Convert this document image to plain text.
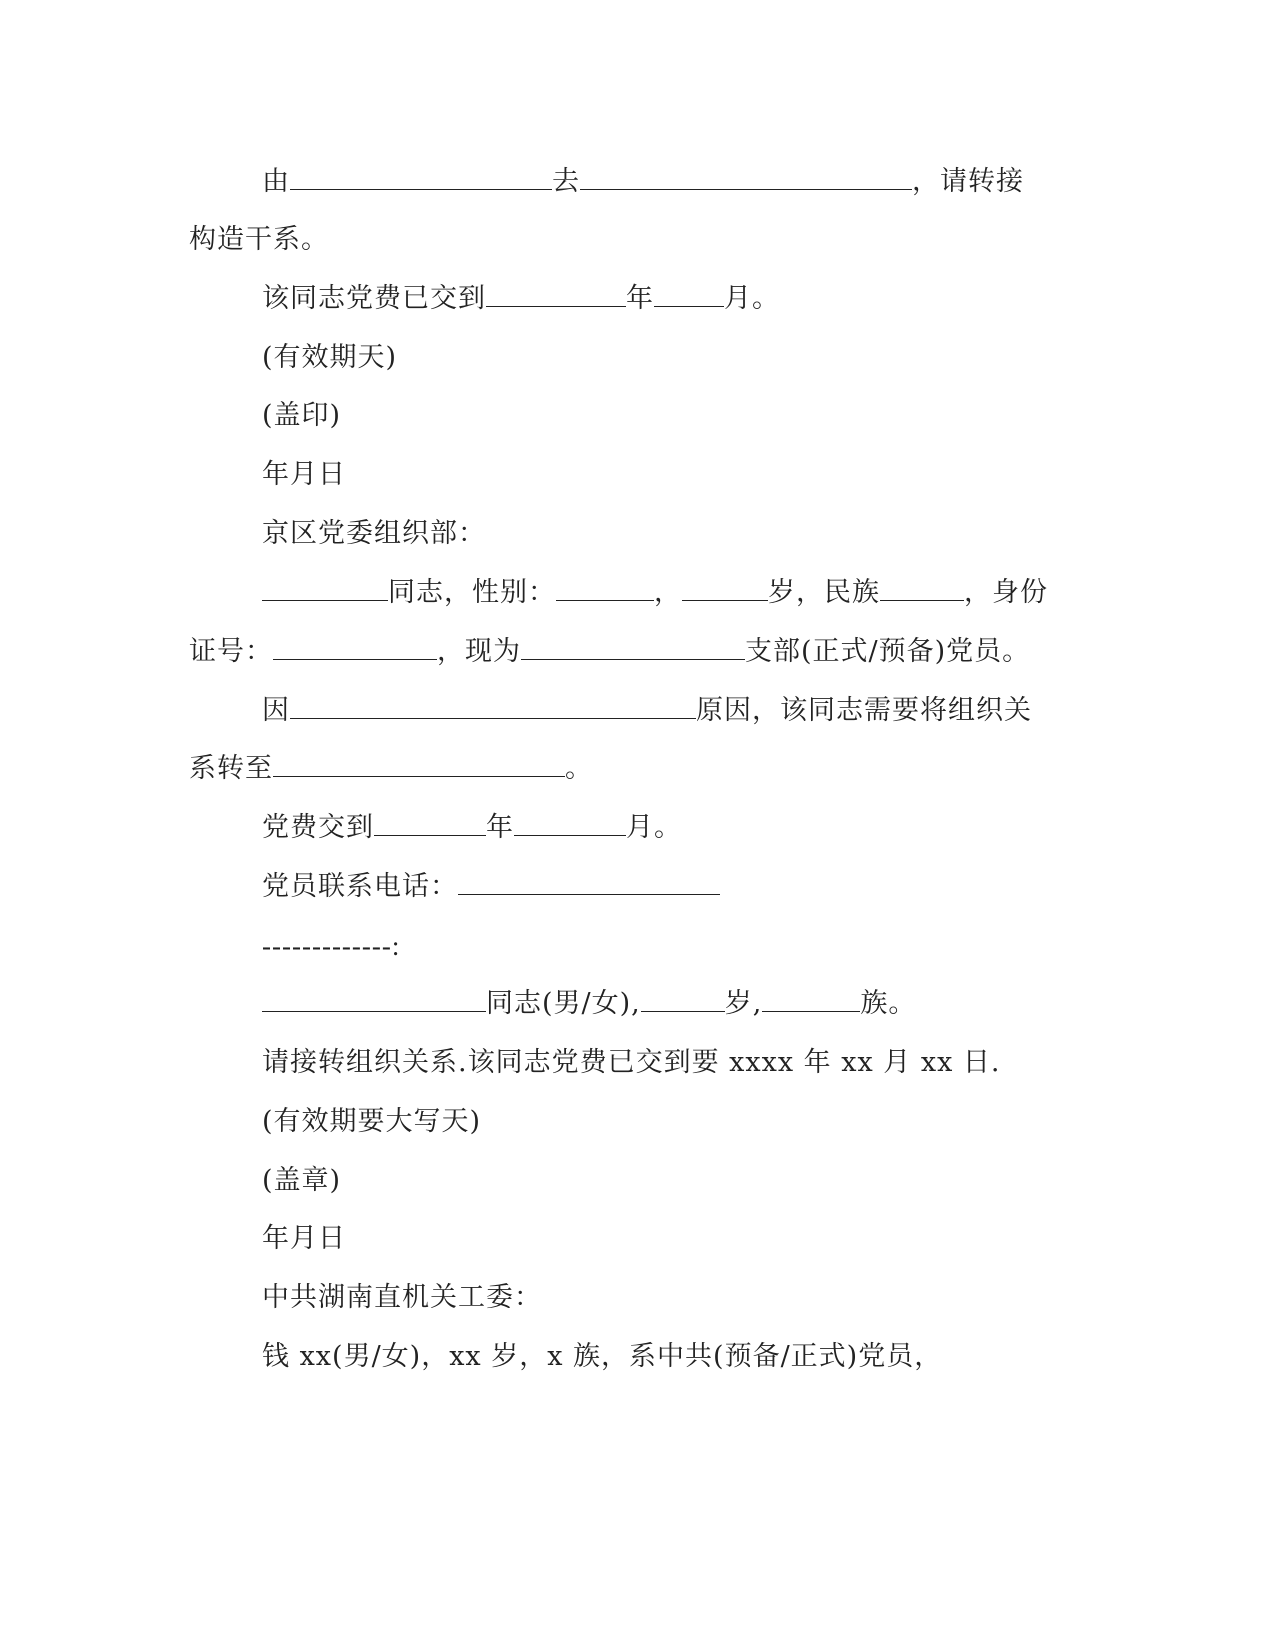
由	去	，请转接
构造干系。
该同志党费已交到	年	月。
(有效期天)
(盖印)
年月日
京区党委组织部：
同志，性别：	，	岁，民族	，身份
证号：	，现为	支部(正式/预备)党员。
因	原因，该同志需要将组织关
系转至	。
党费交到	年	月。
党员联系电话：
-------------:
同志(男/女),	岁,	族。
请接转组织关系.该同志党费已交到要 xxxx 年 xx 月 xx 日.
(有效期要大写天)
(盖章)
年月日
中共湖南直机关工委：
钱 xx(男/女)，xx 岁，x 族，系中共(预备/正式)党员，
